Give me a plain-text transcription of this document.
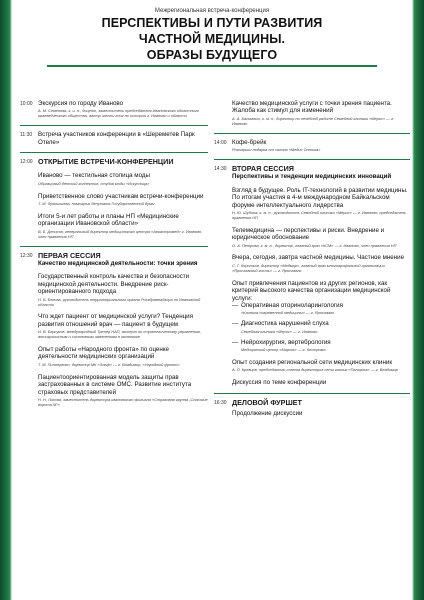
Межрегиональная встреча-конференция
ПЕРСПЕКТИВЫ И ПУТИ РАЗВИТИЯ
ЧАСТНОЙ МЕДИЦИНЫ.
ОБРАЗЫ БУДУЩЕГО
10:00 Экскурсия по городу Иваново
А. М. Семенова, к. и. н., доцент, заместитель председателя Ивановского областного краеведческого общества, автор шести книг по истории г. Иваново и области
11:30 Встреча участников конференции в «Шереметев Парк Отеле»
12:00 ОТКРЫТИЕ ВСТРЕЧИ-КОНФЕРЕНЦИИ
Иваново — текстильная столица моды
Образцовый детский коллектив, студия моды «Искусница»
Приветственное слово участникам встречи-конференции
Т. М. Фролышева, помощник депутата Государственной думы
Итоги 5-и лет работы и планы НП «Медицинские организации Ивановской области»
В. Б. Денисов, генеральный директор медицинского центра «Авиастромед» г. Иваново, член правления НП
12:30 ПЕРВАЯ СЕССИЯ
Качество медицинской деятельности: точки зрения
Государственный контроль качества и безопасности медицинской деятельности. Внедрение риск-ориентированного подхода
Н. Б. Белова, руководитель территориального органа Росздравнадзора по Ивановской области
Что ждет пациент от медицинской услуги? Тенденция развития отношений врач — пациент в будущем
И. В. Барсуков, международный Тренер НАП, эксперт по стратегическому управлению, антикризисным и системным изменениям в экономике
Опыт работы «Народного фронта» по оценке деятельности медицинских организаций
Т. М. Пилипренко, директор МК «Эльф» — г. Владимир, «Народный фронт»
Пациентоориентированная модель защиты прав застрахованных в системе ОМС. Развитие института страховых представителей
Н. Н. Лихова, заместитель директора ивановского филиала «Страховая группа „Спасские ворота-М“»
Качество медицинской услуги с точки зрения пациента. Жалоба как стимул для изменений
А. А. Басманых, к. м. н., директор по лечебной работе Семейной клиники «Мерис» — г. Иваново
14:00 Кофе-брейк
Розыгрыш подарка от салона «Медис Оптика»
14:30 ВТОРАЯ СЕССИЯ
Перспективы и тенденции медицинских инноваций
Взгляд в будущее. Роль IT-технологий в развитии медицины. По итогам участия в 4-м международном Байкальском форуме интеллектуального лидерства
Н. Ю. Шубина, к. м. н., руководитель Семейной клиники «Мерис» — г. Иваново, председатель правления НП
Телемедицина — перспективы и риски. Внедрение и юридическое обоснование
О. А. Петрова, к. м. н., директор, главный врач «КСМ» — г. Иваново, член правления НП
Вчера, сегодня, завтра частной медицины. Частное мнение
С. Г. Коротков, директор «Медмар», главный врач многопрофильной организации «Ярославский гость» — г. Ярославль
Опыт привлечения пациентов из других регионов, как критерий высокого качества организации медицинской услуги:
— Оперативная оториноларингология
«Клиника современной медицины» — г. Ярославль
— Диагностика нарушений слуха
Семейная клиника «Мерис» — г. Иваново
— Нейрохирургия, вертебрология
Медицинский центр «Мирта» — г. Кострома
Опыт создания региональной сети медицинских клиник
А. П. Кревцов, председатель совета директоров сети клиник «Панорта» — г. Владимир
Дискуссия по теме конференции
16:30 ДЕЛОВОЙ ФУРШЕТ
Продолжение дискуссии
